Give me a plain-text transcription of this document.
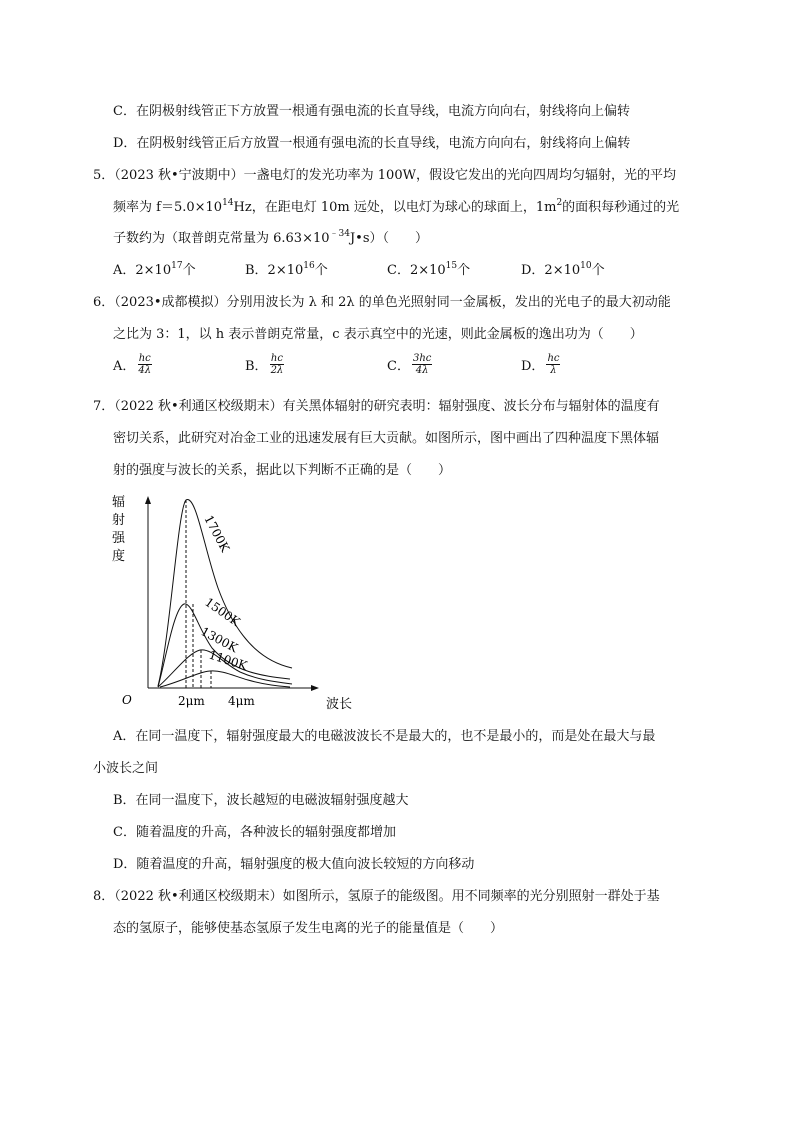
C．在阴极射线管正下方放置一根通有强电流的长直导线，电流方向向右，射线将向上偏转
D．在阴极射线管正后方放置一根通有强电流的长直导线，电流方向向右，射线将向上偏转
5．（2023 秋•宁波期中）一盏电灯的发光功率为 100W，假设它发出的光向四周均匀辐射，光的平均
频率为 $f=5.0\times 10^{14}Hz$，在距电灯 10m 远处，以电灯为球心的球面上，$1m^2$的面积每秒通过的光
子数约为（取普朗克常量为 $6.63\times 10^{﹣34}J•s$）（　　）
A．$2\times 10^{17}$个	B．$2\times 10^{16}$个	C．$2\times 10^{15}$个	D．$2\times 10^{10}$个
6．（2023•成都模拟）分别用波长为 λ 和 2λ 的单色光照射同一金属板，发出的光电子的最大初动能
之比为 3：1，以 h 表示普朗克常量，c 表示真空中的光速，则此金属板的逸出功为（　　）
A． $\frac{hc}{4\lambda}$	B． $\frac{hc}{2\lambda}$	C． $\frac{3hc}{4\lambda}$	D． $\frac{hc}{\lambda}$
7．（2022 秋•利通区校级期末）有关黑体辐射的研究表明：辐射强度、波长分布与辐射体的温度有
密切关系，此研究对冶金工业的迅速发展有巨大贡献。如图所示，图中画出了四种温度下黑体辐
射的强度与波长的关系，据此以下判断不正确的是（　　）
辐
射
强
度
O	波长
2μm 4μm
1700K
1500K
1300K
1100K
A．在同一温度下，辐射强度最大的电磁波波长不是最大的，也不是最小的，而是处在最大与最
小波长之间
B．在同一温度下，波长越短的电磁波辐射强度越大
C．随着温度的升高，各种波长的辐射强度都增加
D．随着温度的升高，辐射强度的极大值向波长较短的方向移动
8．（2022 秋•利通区校级期末）如图所示，氢原子的能级图。用不同频率的光分别照射一群处于基
态的氢原子，能够使基态氢原子发生电离的光子的能量值是（　　）
